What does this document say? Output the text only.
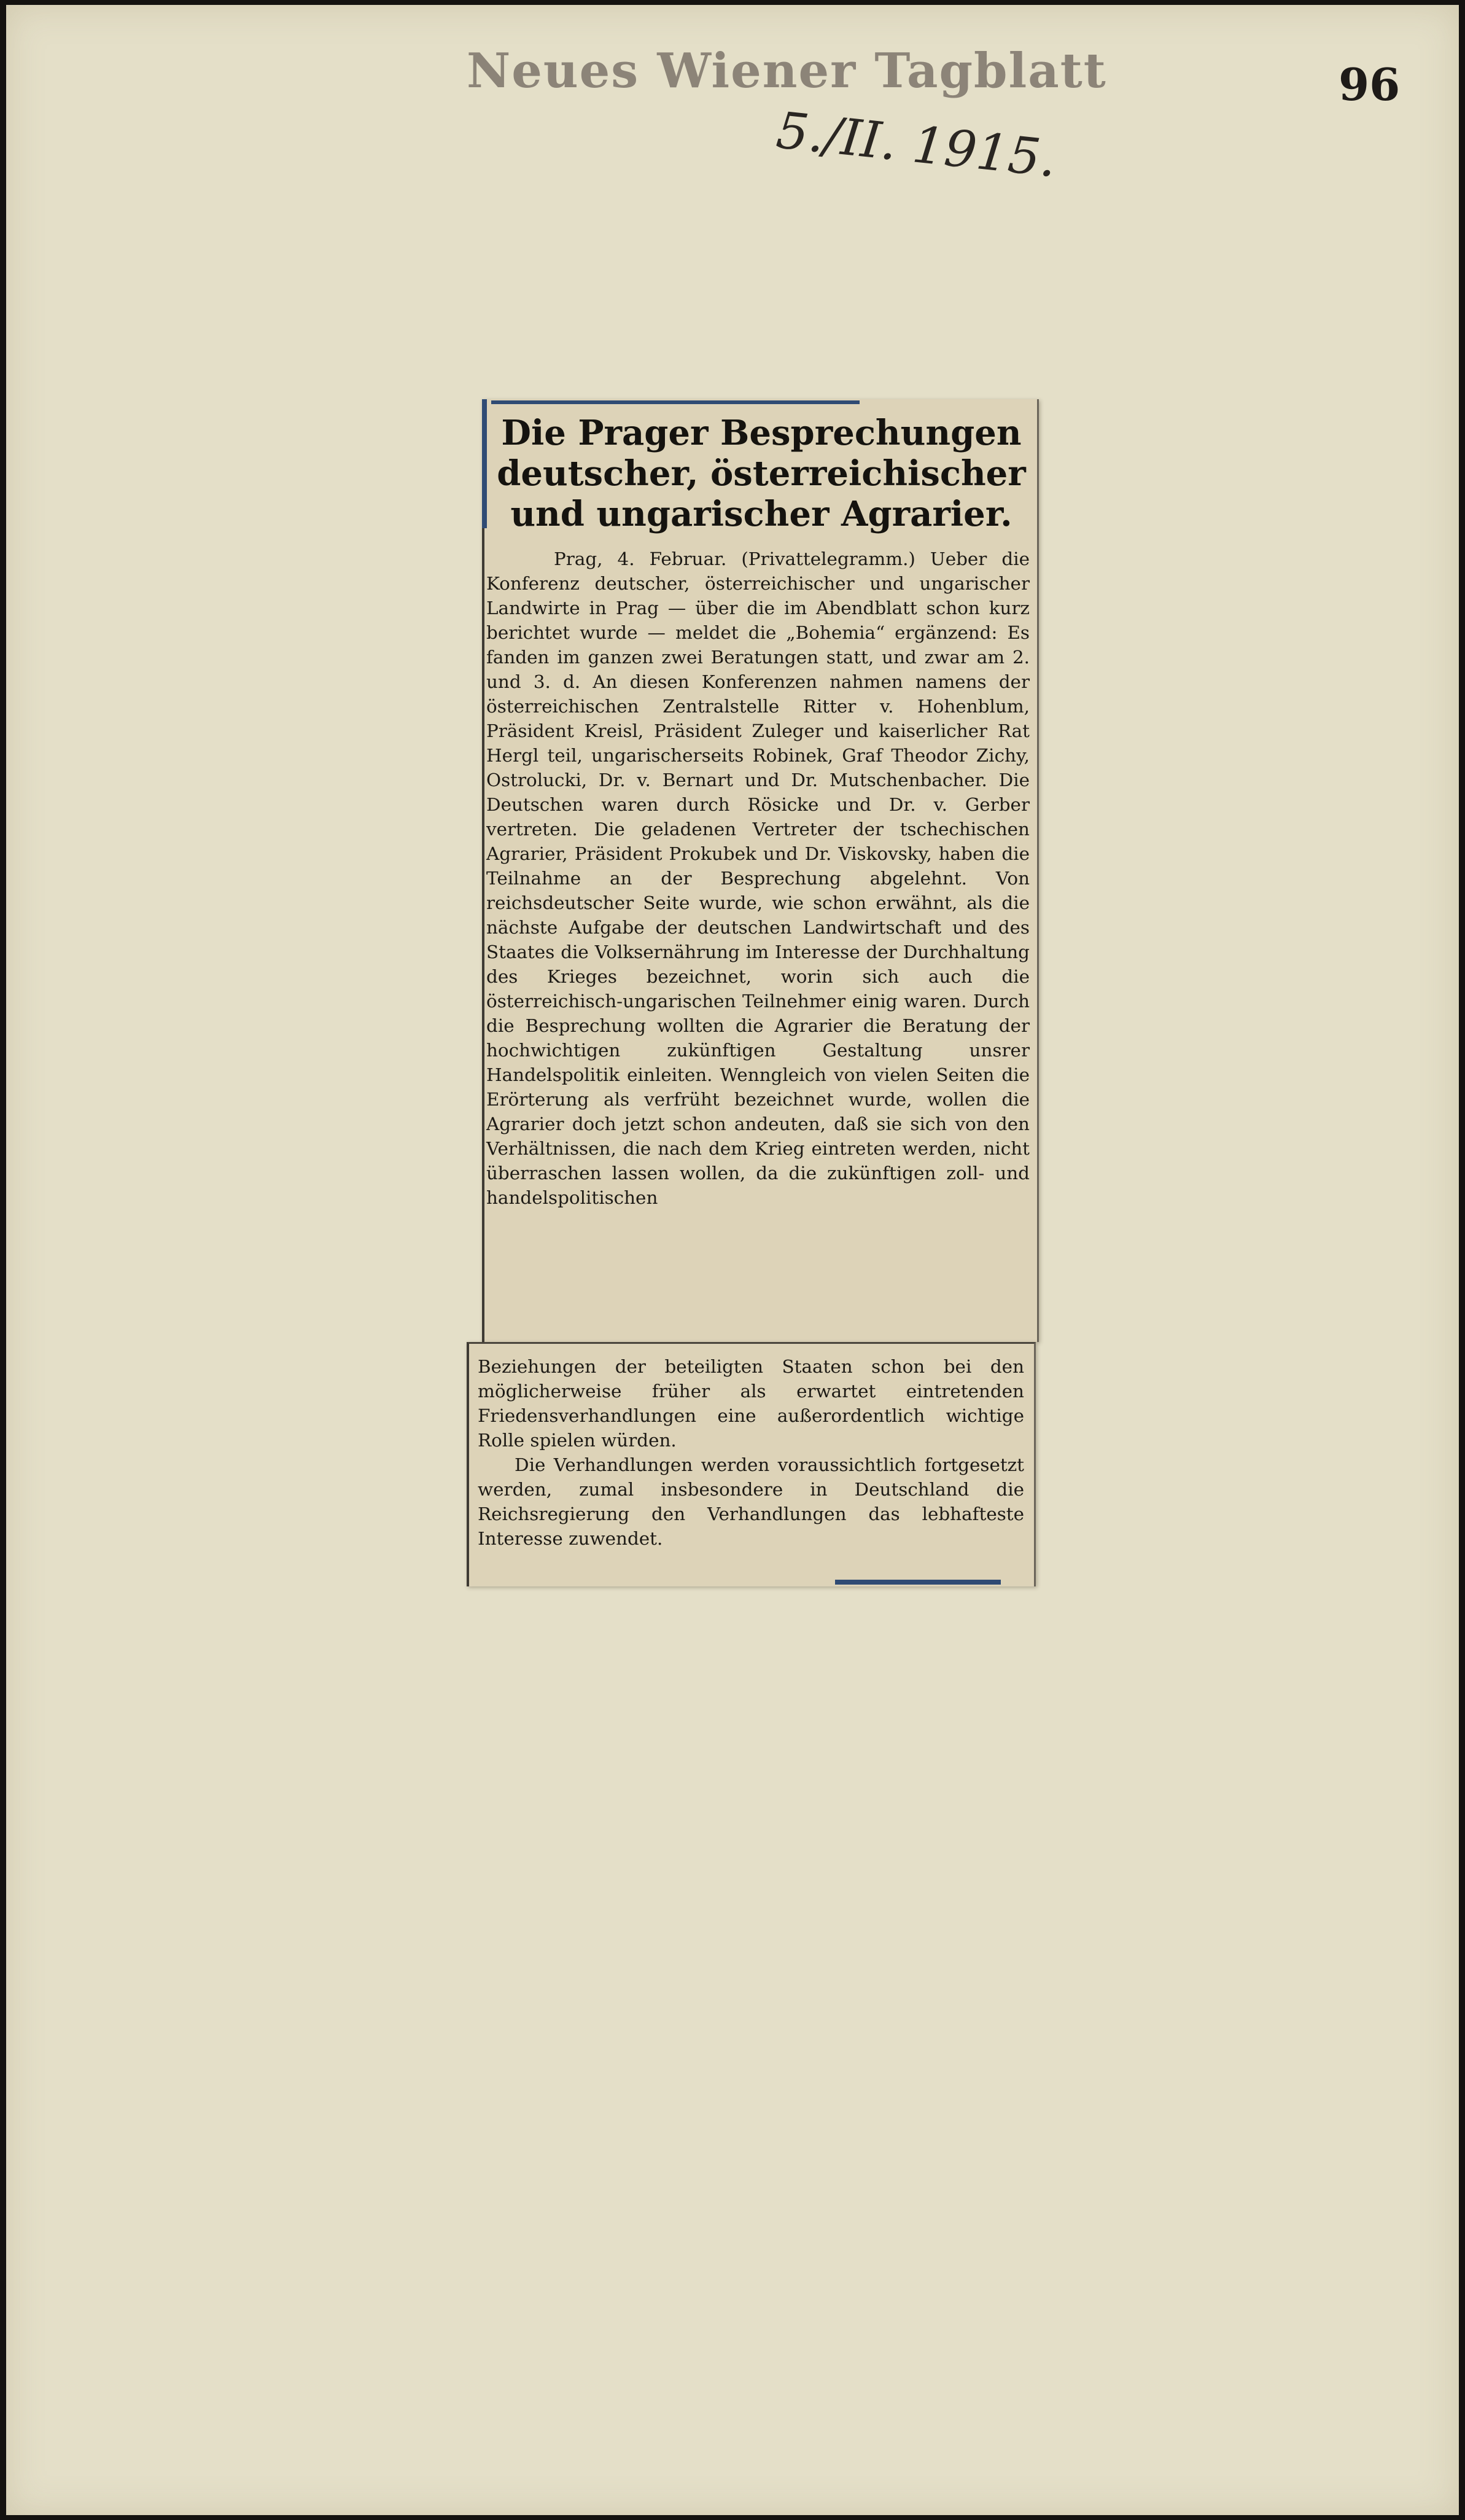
Neues Wiener Tagblatt
5./II. 1915.
96
Die Prager Besprechungen deutscher, österreichischer und ungarischer Agrarier.
Prag, 4. Februar. (Privattelegramm.) Ueber die Konferenz deutscher, österreichischer und ungarischer Landwirte in Prag — über die im Abendblatt schon kurz berichtet wurde — meldet die „Bohemia“ ergänzend: Es fanden im ganzen zwei Beratungen statt, und zwar am 2. und 3. d. An diesen Konferenzen nahmen namens der österreichischen Zentralstelle Ritter v. Hohenblum, Präsident Kreisl, Präsident Zuleger und kaiserlicher Rat Hergl teil, ungarischerseits Robinek, Graf Theodor Zichy, Ostrolucki, Dr. v. Bernart und Dr. Mutschenbacher. Die Deutschen waren durch Rösicke und Dr. v. Gerber vertreten. Die geladenen Vertreter der tschechischen Agrarier, Präsident Prokubek und Dr. Viskovsky, haben die Teilnahme an der Besprechung abgelehnt. Von reichsdeutscher Seite wurde, wie schon erwähnt, als die nächste Aufgabe der deutschen Landwirtschaft und des Staates die Volksernährung im Interesse der Durchhaltung des Krieges bezeichnet, worin sich auch die österreichisch-ungarischen Teilnehmer einig waren. Durch die Besprechung wollten die Agrarier die Beratung der hochwichtigen zukünftigen Gestaltung unsrer Handelspolitik einleiten. Wenngleich von vielen Seiten die Erörterung als verfrüht bezeichnet wurde, wollen die Agrarier doch jetzt schon andeuten, daß sie sich von den Verhältnissen, die nach dem Krieg eintreten werden, nicht überraschen lassen wollen, da die zukünftigen zoll- und handelspolitischen

Beziehungen der beteiligten Staaten schon bei den möglicherweise früher als erwartet eintretenden Friedensverhandlungen eine außerordentlich wichtige Rolle spielen würden.

Die Verhandlungen werden voraussichtlich fortgesetzt werden, zumal insbesondere in Deutschland die Reichsregierung den Verhandlungen das lebhafteste Interesse zuwendet.
